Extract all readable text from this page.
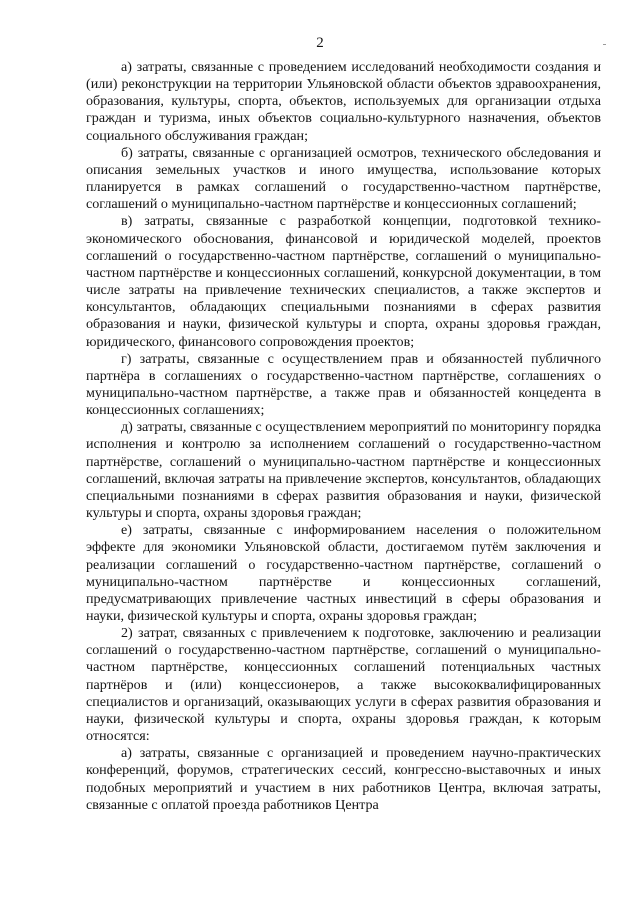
2

а) затраты, связанные с проведением исследований необходимости создания и (или) реконструкции на территории Ульяновской области объектов здравоохранения, образования, культуры, спорта, объектов, используемых для организации отдыха граждан и туризма, иных объектов социально-культурного назначения, объектов социального обслуживания граждан;

б) затраты, связанные с организацией осмотров, технического обследования и описания земельных участков и иного имущества, использование которых планируется в рамках соглашений о государственно-частном партнёрстве, соглашений о муниципально-частном партнёрстве и концессионных соглашений;

в) затраты, связанные с разработкой концепции, подготовкой технико-экономического обоснования, финансовой и юридической моделей, проектов соглашений о государственно-частном партнёрстве, соглашений о муниципально-частном партнёрстве и концессионных соглашений, конкурсной документации, в том числе затраты на привлечение технических специалистов, а также экспертов и консультантов, обладающих специальными познаниями в сферах развития образования и науки, физической культуры и спорта, охраны здоровья граждан, юридического, финансового сопровождения проектов;

г) затраты, связанные с осуществлением прав и обязанностей публичного партнёра в соглашениях о государственно-частном партнёрстве, соглашениях о муниципально-частном партнёрстве, а также прав и обязанностей концедента в концессионных соглашениях;

д) затраты, связанные с осуществлением мероприятий по мониторингу порядка исполнения и контролю за исполнением соглашений о государственно-частном партнёрстве, соглашений о муниципально-частном партнёрстве и концессионных соглашений, включая затраты на привлечение экспертов, консультантов, обладающих специальными познаниями в сферах развития образования и науки, физической культуры и спорта, охраны здоровья граждан;

е) затраты, связанные с информированием населения о положительном эффекте для экономики Ульяновской области, достигаемом путём заключения и реализации соглашений о государственно-частном партнёрстве, соглашений о муниципально-частном партнёрстве и концессионных соглашений, предусматривающих привлечение частных инвестиций в сферы образования и науки, физической культуры и спорта, охраны здоровья граждан;

2) затрат, связанных с привлечением к подготовке, заключению и реализации соглашений о государственно-частном партнёрстве, соглашений о муниципально-частном партнёрстве, концессионных соглашений потенциальных частных партнёров и (или) концессионеров, а также высококвалифицированных специалистов и организаций, оказывающих услуги в сферах развития образования и науки, физической культуры и спорта, охраны здоровья граждан, к которым относятся:

а) затраты, связанные с организацией и проведением научно-практических конференций, форумов, стратегических сессий, конгрессно-выставочных и иных подобных мероприятий и участием в них работников Центра, включая затраты, связанные с оплатой проезда работников Центра
